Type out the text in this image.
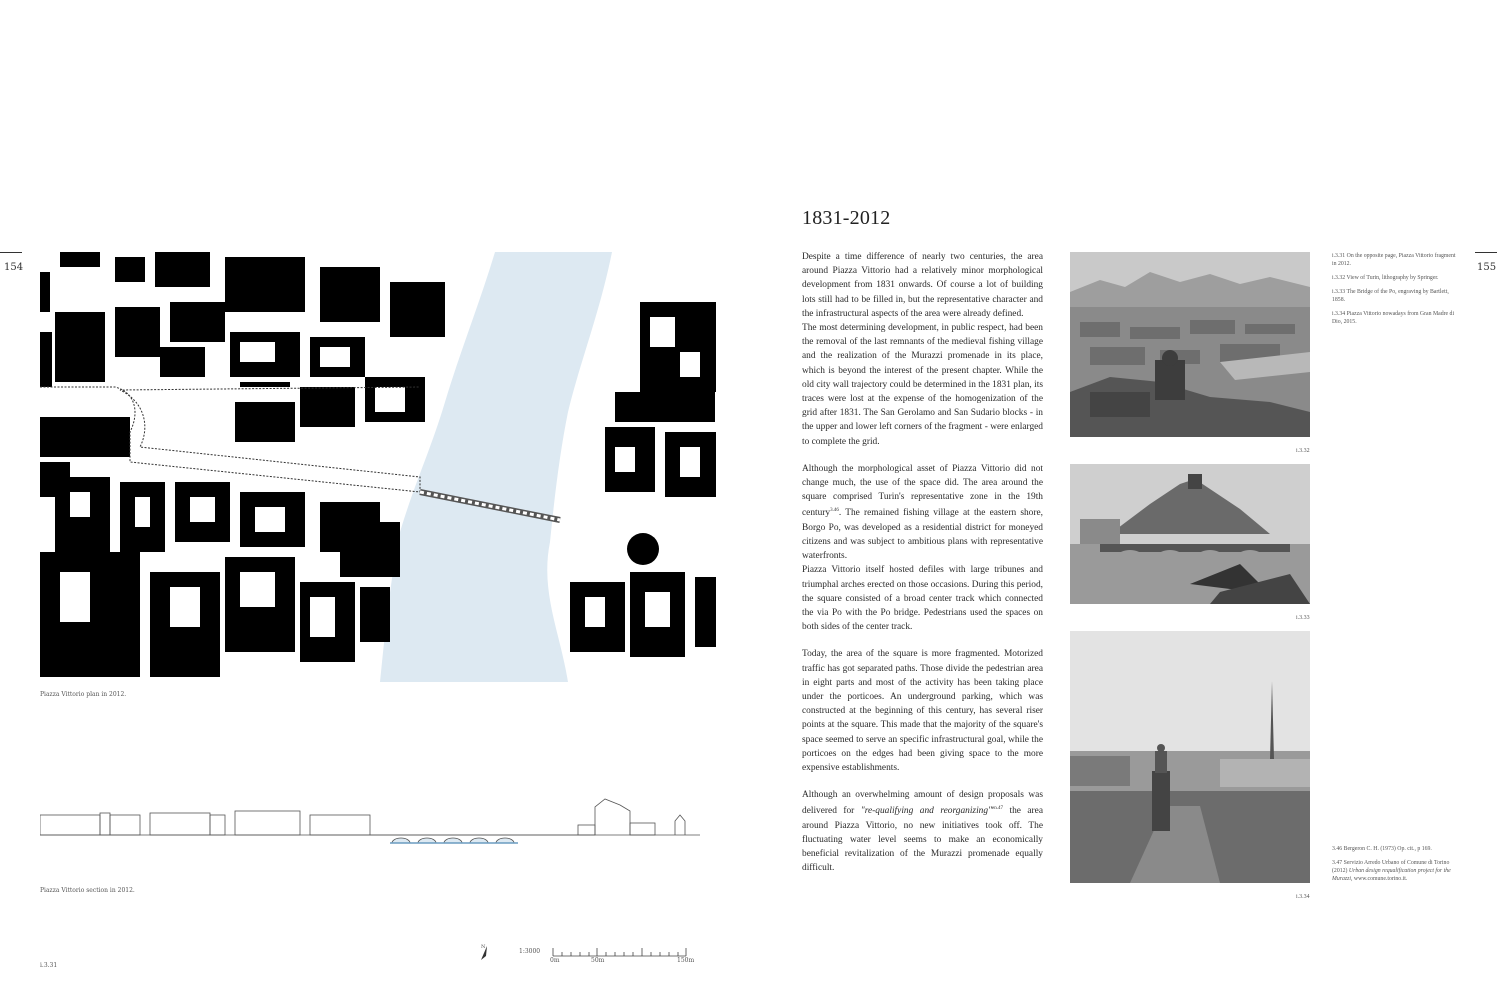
154
Piazza Vittorio plan in 2012.
Piazza Vittorio section in 2012.
N
1:3000
0m	50m	150m
i.3.31
1831-2012

Despite a time difference of nearly two centuries, the area around Piazza Vittorio had a relatively minor morphological development from 1831 onwards. Of course a lot of building lots still had to be filled in, but the representative character and the infrastructural aspects of the area were already defined.

The most determining development, in public respect, had been the removal of the last remnants of the medieval fishing village and the realization of the Murazzi promenade in its place, which is beyond the interest of the present chapter. While the old city wall trajectory could be determined in the 1831 plan, its traces were lost at the expense of the homogenization of the grid after 1831. The San Gerolamo and San Sudario blocks - in the upper and lower left corners of the fragment - were enlarged to complete the grid.

Although the morphological asset of Piazza Vittorio did not change much, the use of the space did. The area around the square comprised Turin's representative zone in the 19th century$^{3.46}$. The remained fishing village at the eastern shore, Borgo Po, was developed as a residential district for moneyed citizens and was subject to ambitious plans with representative waterfronts.

Piazza Vittorio itself hosted defiles with large tribunes and triumphal arches erected on those occasions. During this period, the square consisted of a broad center track which connected the via Po with the Po bridge. Pedestrians used the spaces on both sides of the center track.

Today, the area of the square is more fragmented. Motorized traffic has got separated paths. Those divide the pedestrian area in eight parts and most of the activity has been taking place under the porticoes. An underground parking, which was constructed at the beginning of this century, has several riser points at the square. This made that the majority of the square's space seemed to serve an specific infrastructural goal, while the porticoes on the edges had been giving space to the more expensive establishments.

Although an overwhelming amount of design proposals was delivered for "re-qualifying and reorganizing"$^{en.47}$ the area around Piazza Vittorio, no new initiatives took off. The fluctuating water level seems to make an economically beneficial revitalization of the Murazzi promenade equally difficult.

i.3.32
i.3.33
i.3.34
i.3.31 On the opposite page, Piazza Vittorio fragment in 2012.
i.3.32 View of Turin, lithography by Springer.
i.3.33 The Bridge of the Po, engraving by Bartlett, 1858.
i.3.34 Piazza Vittorio nowadays from Gran Madre di Dio, 2015.
3.46 Bergeron C. H. (1973) Op. cit., p 169.
3.47 Servizio Arredo Urbano of Comune di Torino (2012) Urban design requalification project for the Murazzi, www.comune.torino.it.
155
